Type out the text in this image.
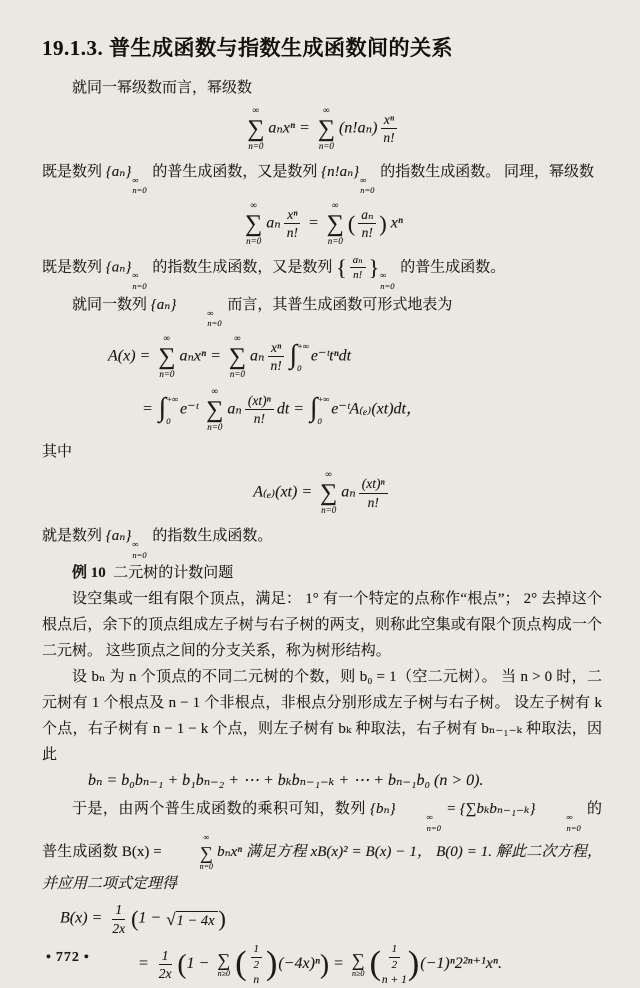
19.1.3. 普生成函数与指数生成函数间的关系

就同一幂级数而言，幂级数

∞
∑
n=0
aₙxⁿ =
∞
∑
n=0
$(n!a_n) \frac{\text{xⁿ}}{n!}$

既是数列 {aₙ} ∞
n=0
的普生成函数，又是数列 {n!aₙ} ∞
n=0
的指数生成函数。 同理，幂级数

∞
∑
n=0
aₙ $\frac{\text{xⁿ}}{n!}$ =
∞
∑
n=0
( $\frac{\text{aₙ}}{n!}$ ) xⁿ

既是数列 {aₙ} ∞
n=0
的指数生成函数，又是数列 { $\frac{\text{aₙ}}{n!}$ } ∞
n=0
的普生成函数。

就同一数列 {aₙ}	∞
n=0
而言，其普生成函数可形式地表为

A(x) =
∞
∑
n=0
aₙxⁿ =
∞
∑
n=0
aₙ $\frac{\text{xⁿ}}{n!}$ ∫ +∞
0
e⁻ᵗtⁿdt
= ∫ +∞
0
e⁻ᵗ
∞
∑
n=0
aₙ $\frac{\text{(xt)ⁿ}}{n!}$ dt = ∫ +∞
0
e⁻ᵗA₍ₑ₎(xt)dt，

其中

A₍ₑ₎(xt) =
∞
∑
n=0
aₙ $\frac{\text{(xt)ⁿ}}{n!}$

就是数列 {aₙ} ∞
n=0
的指数生成函数。

例 10 二元树的计数问题

设空集或一组有限个顶点，满足： 1° 有一个特定的点称作“根点”； 2° 去掉这个根点后，余下的顶点组成左子树与右子树的两支，则称此空集或有限个顶点构成一个二元树。 这些顶点之间的分支关系，称为树形结构。

设 bₙ 为 n 个顶点的不同二元树的个数，则 b₀ = 1（空二元树）。 当 n > 0 时，二元树有 1 个根点及 n − 1 个非根点，非根点分别形成左子树与右子树。 设左子树有 k 个点，右子树有 n − 1 − k 个点，则左子树有 bₖ 种取法，右子树有 bₙ₋₁₋ₖ 种取法，因此

bₙ = b₀bₙ₋₁ + b₁bₙ₋₂ + ⋯ + bₖbₙ₋₁₋ₖ + ⋯ + bₙ₋₁b₀ (n > 0).

于是，由两个普生成函数的乘积可知，数列 {bₙ}	∞
n=0
= {∑bₖbₙ₋₁₋ₖ}	∞
n=0
的普生成函数 B(x) =
∞
∑
n=0
bₙxⁿ 满足方程 xB(x)² = B(x) − 1， B(0) = 1. 解此二次方程，并应用二项式定理得

$B(x) = \frac{1}{2x} (1$ − √ 1 − 4x )
= $\frac{1}{2x} (1$ − ∑
n≥0 ( $\frac{1}{2}$
n ) (−4x)ⁿ) = ∑
n≥0 ( $\frac{1}{2}$
n + 1 ) (−1)ⁿ2²ⁿ⁺¹xⁿ.
• 772 •
